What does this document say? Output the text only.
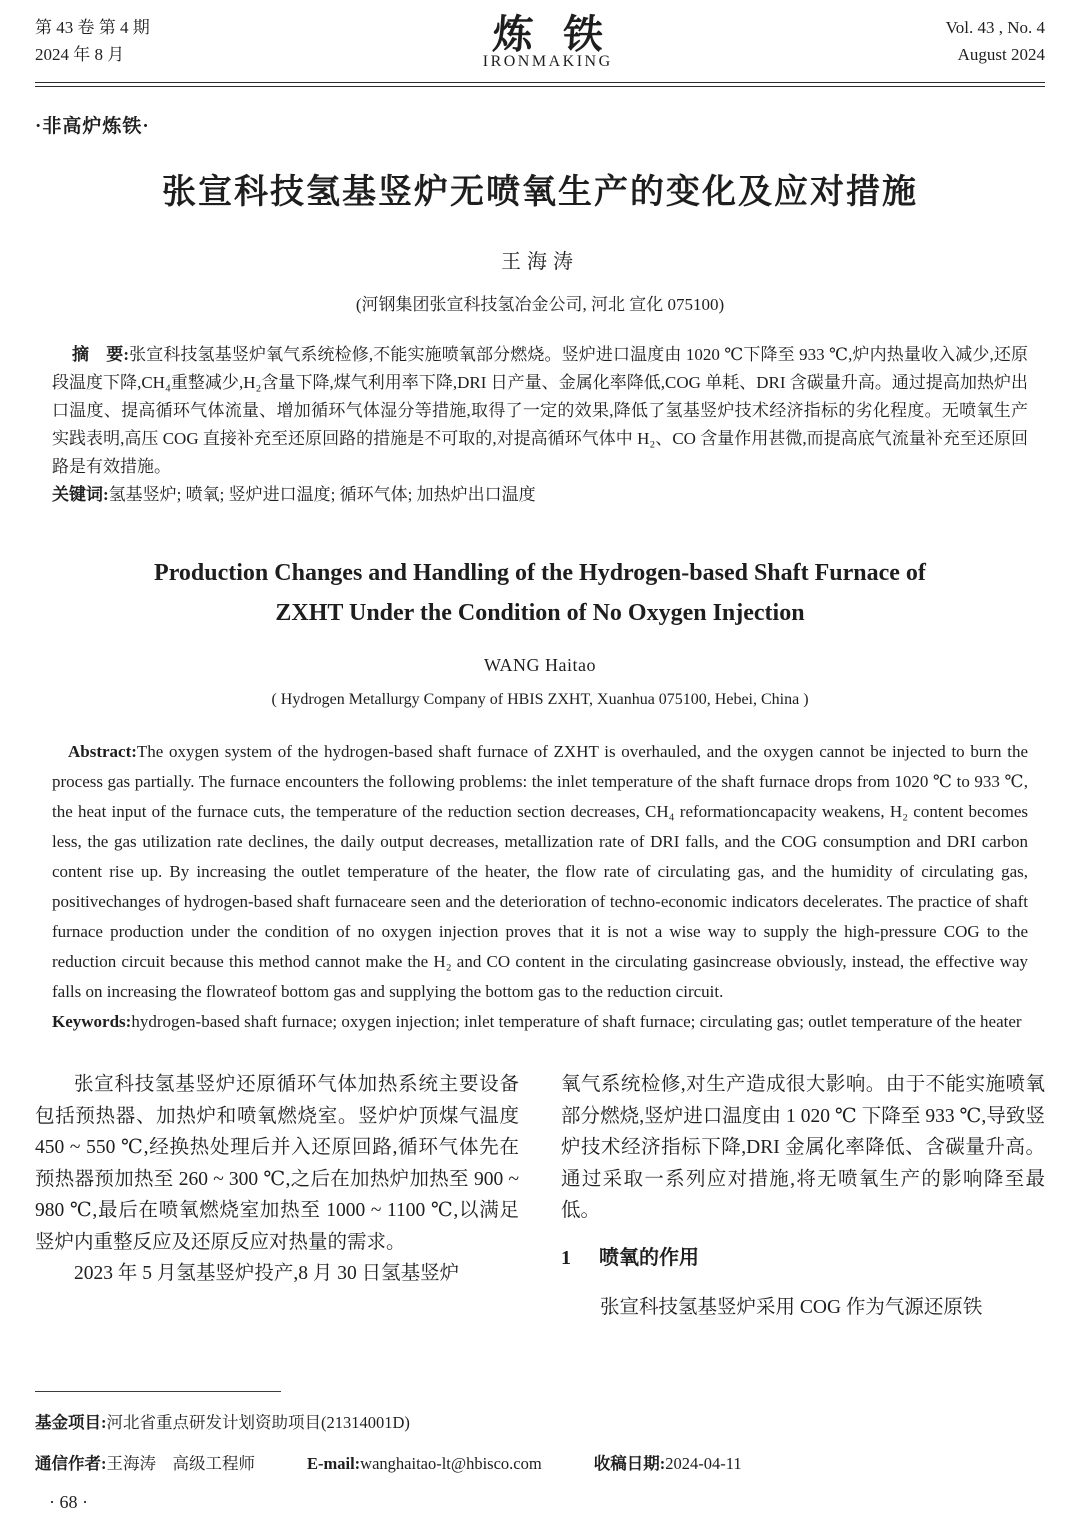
第 43 卷 第 4 期
2024 年 8 月	炼铁
IRONMAKING
Vol. 43 , No. 4
August 2024
·非高炉炼铁·
张宣科技氢基竖炉无喷氧生产的变化及应对措施
王海涛
(河钢集团张宣科技氢冶金公司, 河北 宣化 075100)

摘　要:张宣科技氢基竖炉氧气系统检修,不能实施喷氧部分燃烧。竖炉进口温度由 1020 ℃下降至 933 ℃,炉内热量收入减少,还原段温度下降,CH₄重整减少,H₂含量下降,煤气利用率下降,DRI 日产量、金属化率降低,COG 单耗、DRI 含碳量升高。通过提高加热炉出口温度、提高循环气体流量、增加循环气体湿分等措施,取得了一定的效果,降低了氢基竖炉技术经济指标的劣化程度。无喷氧生产实践表明,高压 COG 直接补充至还原回路的措施是不可取的,对提高循环气体中 H₂、CO 含量作用甚微,而提高底气流量补充至还原回路是有效措施。

关键词:氢基竖炉; 喷氧; 竖炉进口温度; 循环气体; 加热炉出口温度

Production Changes and Handling of the Hydrogen-based Shaft Furnace of
ZXHT Under the Condition of No Oxygen Injection
WANG Haitao
( Hydrogen Metallurgy Company of HBIS ZXHT, Xuanhua 075100, Hebei, China )

Abstract:The oxygen system of the hydrogen-based shaft furnace of ZXHT is overhauled, and the oxygen cannot be injected to burn the process gas partially. The furnace encounters the following problems: the inlet temperature of the shaft furnace drops from 1020 ℃ to 933 ℃, the heat input of the furnace cuts, the temperature of the reduction section decreases, CH₄ reformationcapacity weakens, H₂ content becomes less, the gas utilization rate declines, the daily output decreases, metallization rate of DRI falls, and the COG consumption and DRI carbon content rise up. By increasing the outlet temperature of the heater, the flow rate of circulating gas, and the humidity of circulating gas, positivechanges of hydrogen-based shaft furnaceare seen and the deterioration of techno-economic indicators decelerates. The practice of shaft furnace production under the condition of no oxygen injection proves that it is not a wise way to supply the high-pressure COG to the reduction circuit because this method cannot make the H₂ and CO content in the circulating gasincrease obviously, instead, the effective way falls on increasing the flowrateof bottom gas and supplying the bottom gas to the reduction circuit.

Keywords:hydrogen-based shaft furnace; oxygen injection; inlet temperature of shaft furnace; circulating gas; outlet temperature of the heater

张宣科技氢基竖炉还原循环气体加热系统主要设备包括预热器、加热炉和喷氧燃烧室。竖炉炉顶煤气温度 450 ~ 550 ℃,经换热处理后并入还原回路,循环气体先在预热器预加热至 260 ~ 300 ℃,之后在加热炉加热至 900 ~ 980 ℃,最后在喷氧燃烧室加热至 1000 ~ 1100 ℃,以满足竖炉内重整反应及还原反应对热量的需求。

2023 年 5 月氢基竖炉投产,8 月 30 日氢基竖炉

氧气系统检修,对生产造成很大影响。由于不能实施喷氧部分燃烧,竖炉进口温度由 1 020 ℃ 下降至 933 ℃,导致竖炉技术经济指标下降,DRI 金属化率降低、含碳量升高。通过采取一系列应对措施,将无喷氧生产的影响降至最低。

1 喷氧的作用

张宣科技氢基竖炉采用 COG 作为气源还原铁

基金项目:河北省重点研发计划资助项目(21314001D)
通信作者:王海涛　高级工程师	E-mail:wanghaitao-lt@hbisco.com	收稿日期:2024-04-11
· 68 ·
